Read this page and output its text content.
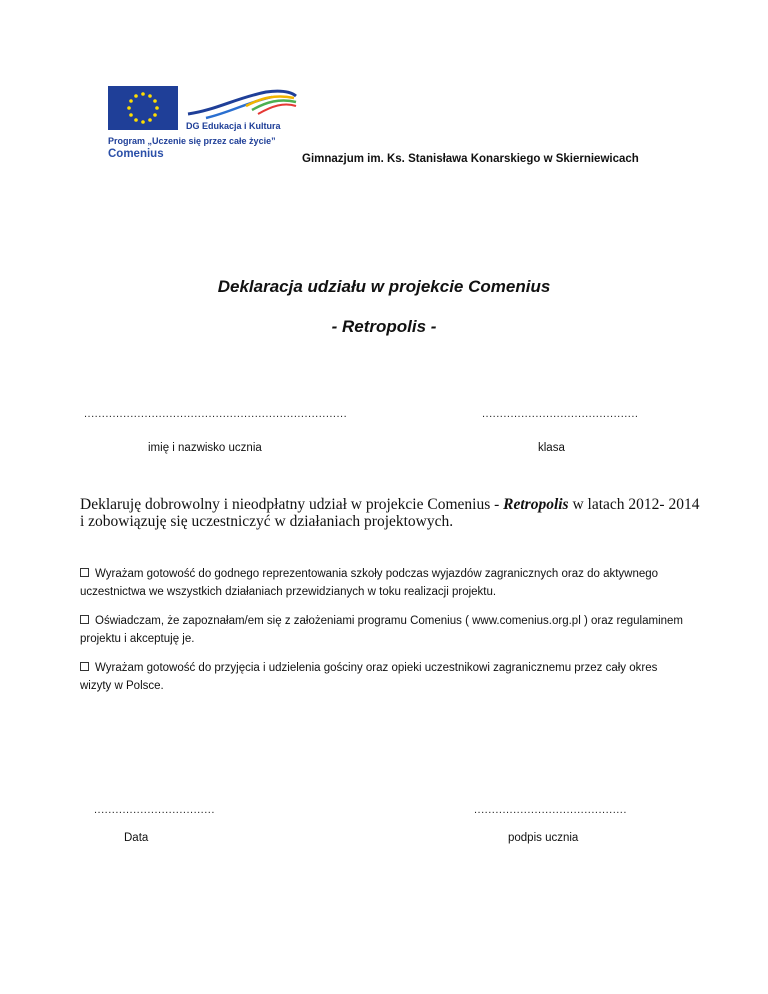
DG Edukacja i Kultura
Program „Uczenie się przez całe życie”
Comenius	Gimnazjum im. Ks. Stanisława Konarskiego w Skierniewicach
Deklaracja udziału w projekcie Comenius
- Retropolis -
..........................................................................	............................................
imię i nazwisko ucznia	klasa
Deklaruję dobrowolny i nieodpłatny udział w projekcie Comenius - Retropolis w latach 2012- 2014 i zobowiązuję się uczestniczyć w działaniach projektowych.
Wyrażam gotowość do godnego reprezentowania szkoły podczas wyjazdów zagranicznych oraz do aktywnego uczestnictwa we wszystkich działaniach przewidzianych w toku realizacji projektu.
Oświadczam, że zapoznałam/em się z założeniami programu Comenius ( www.comenius.org.pl ) oraz regulaminem projektu i akceptuję je.
Wyrażam gotowość do przyjęcia i udzielenia gościny oraz opieki uczestnikowi zagranicznemu przez cały okres wizyty w Polsce.
..................................	...........................................
Data	podpis ucznia
